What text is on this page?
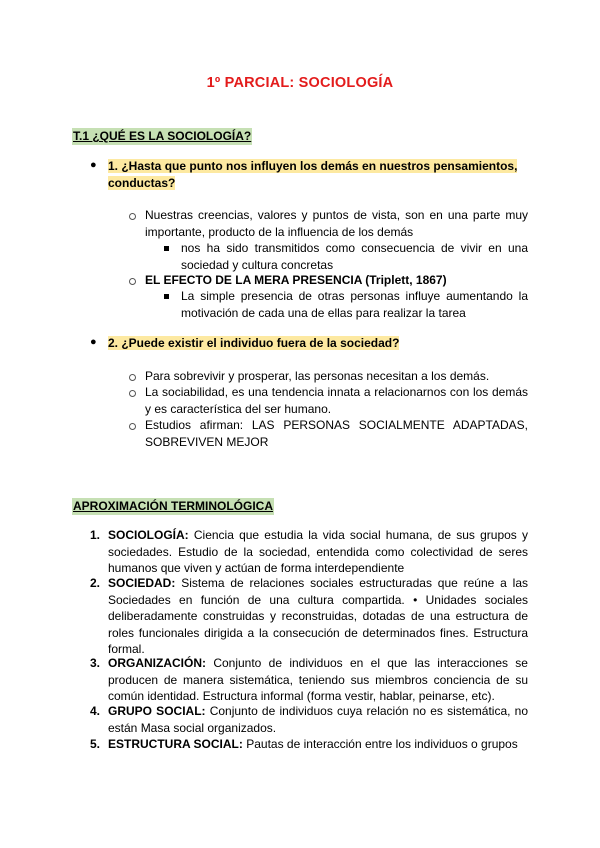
1º PARCIAL: SOCIOLOGÍA
T.1 ¿QUÉ ES LA SOCIOLOGÍA?
● 1. ¿Hasta que punto nos influyen los demás en nuestros pensamientos,
conductas?
Nuestras creencias, valores y puntos de vista, son en una parte muy importante, producto de la influencia de los demás
nos ha sido transmitidos como consecuencia de vivir en una sociedad y cultura concretas
EL EFECTO DE LA MERA PRESENCIA (Triplett, 1867)
La simple presencia de otras personas influye aumentando la motivación de cada una de ellas para realizar la tarea
● 2. ¿Puede existir el individuo fuera de la sociedad?
Para sobrevivir y prosperar, las personas necesitan a los demás.
La sociabilidad, es una tendencia innata a relacionarnos con los demás y es característica del ser humano.
Estudios afirman: LAS PERSONAS SOCIALMENTE ADAPTADAS, SOBREVIVEN MEJOR
APROXIMACIÓN TERMINOLÓGICA
1. SOCIOLOGÍA: Ciencia que estudia la vida social humana, de sus grupos y sociedades. Estudio de la sociedad, entendida como colectividad de seres humanos que viven y actúan de forma interdependiente
2. SOCIEDAD: Sistema de relaciones sociales estructuradas que reúne a las Sociedades en función de una cultura compartida. • Unidades sociales deliberadamente construidas y reconstruidas, dotadas de una estructura de roles funcionales dirigida a la consecución de determinados fines. Estructura formal.
3. ORGANIZACIÓN: Conjunto de individuos en el que las interacciones se producen de manera sistemática, teniendo sus miembros conciencia de su común identidad. Estructura informal (forma vestir, hablar, peinarse, etc).
4. GRUPO SOCIAL: Conjunto de individuos cuya relación no es sistemática, no están Masa social organizados.
5. ESTRUCTURA SOCIAL: Pautas de interacción entre los individuos o grupos
